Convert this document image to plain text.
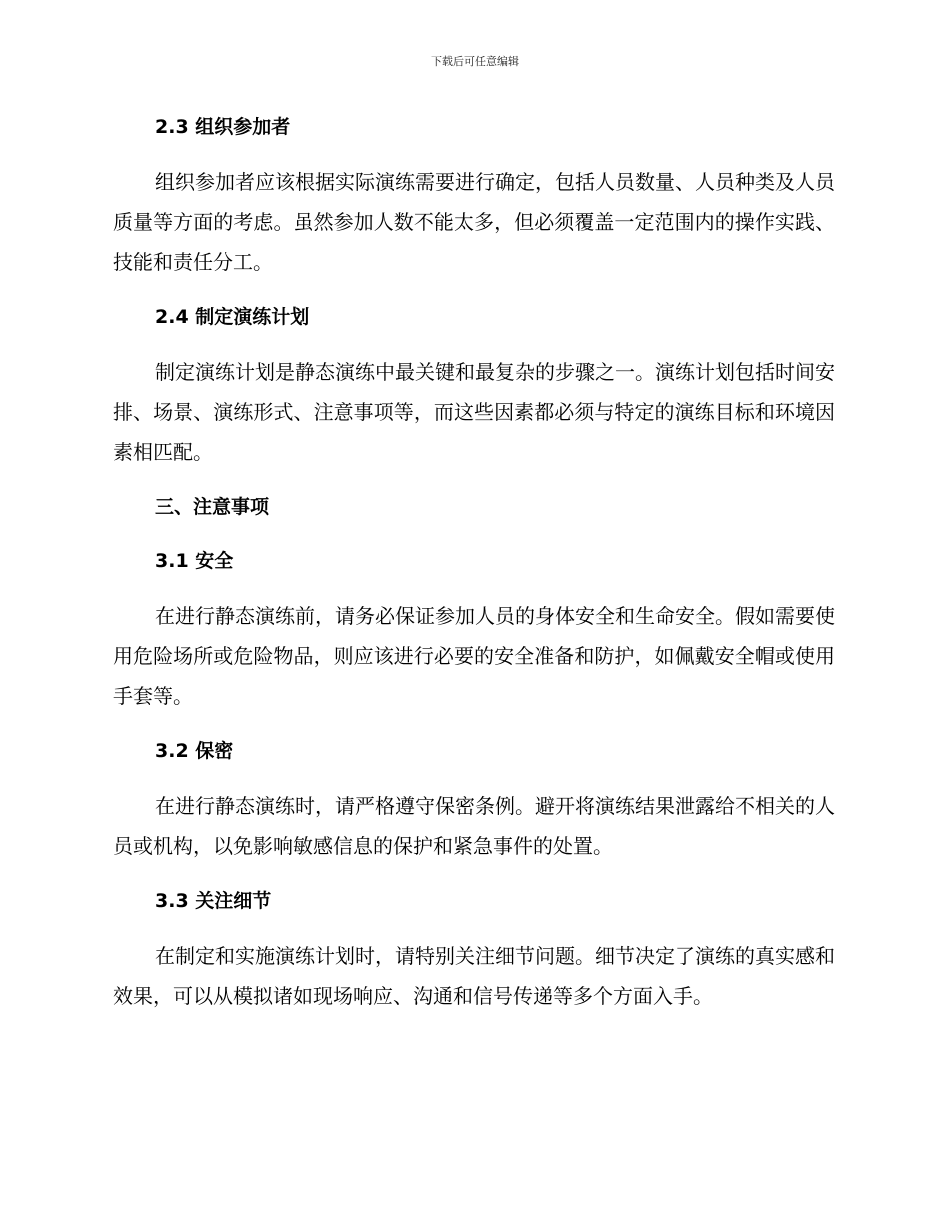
下载后可任意编辑
2.3 组织参加者

组织参加者应该根据实际演练需要进行确定，包括人员数量、人员种类及人员质量等方面的考虑。虽然参加人数不能太多，但必须覆盖一定范围内的操作实践、技能和责任分工。

2.4 制定演练计划

制定演练计划是静态演练中最关键和最复杂的步骤之一。演练计划包括时间安排、场景、演练形式、注意事项等，而这些因素都必须与特定的演练目标和环境因素相匹配。

三、注意事项
3.1 安全

在进行静态演练前，请务必保证参加人员的身体安全和生命安全。假如需要使用危险场所或危险物品，则应该进行必要的安全准备和防护，如佩戴安全帽或使用手套等。

3.2 保密

在进行静态演练时，请严格遵守保密条例。避开将演练结果泄露给不相关的人员或机构，以免影响敏感信息的保护和紧急事件的处置。

3.3 关注细节

在制定和实施演练计划时，请特别关注细节问题。细节决定了演练的真实感和效果，可以从模拟诸如现场响应、沟通和信号传递等多个方面入手。
